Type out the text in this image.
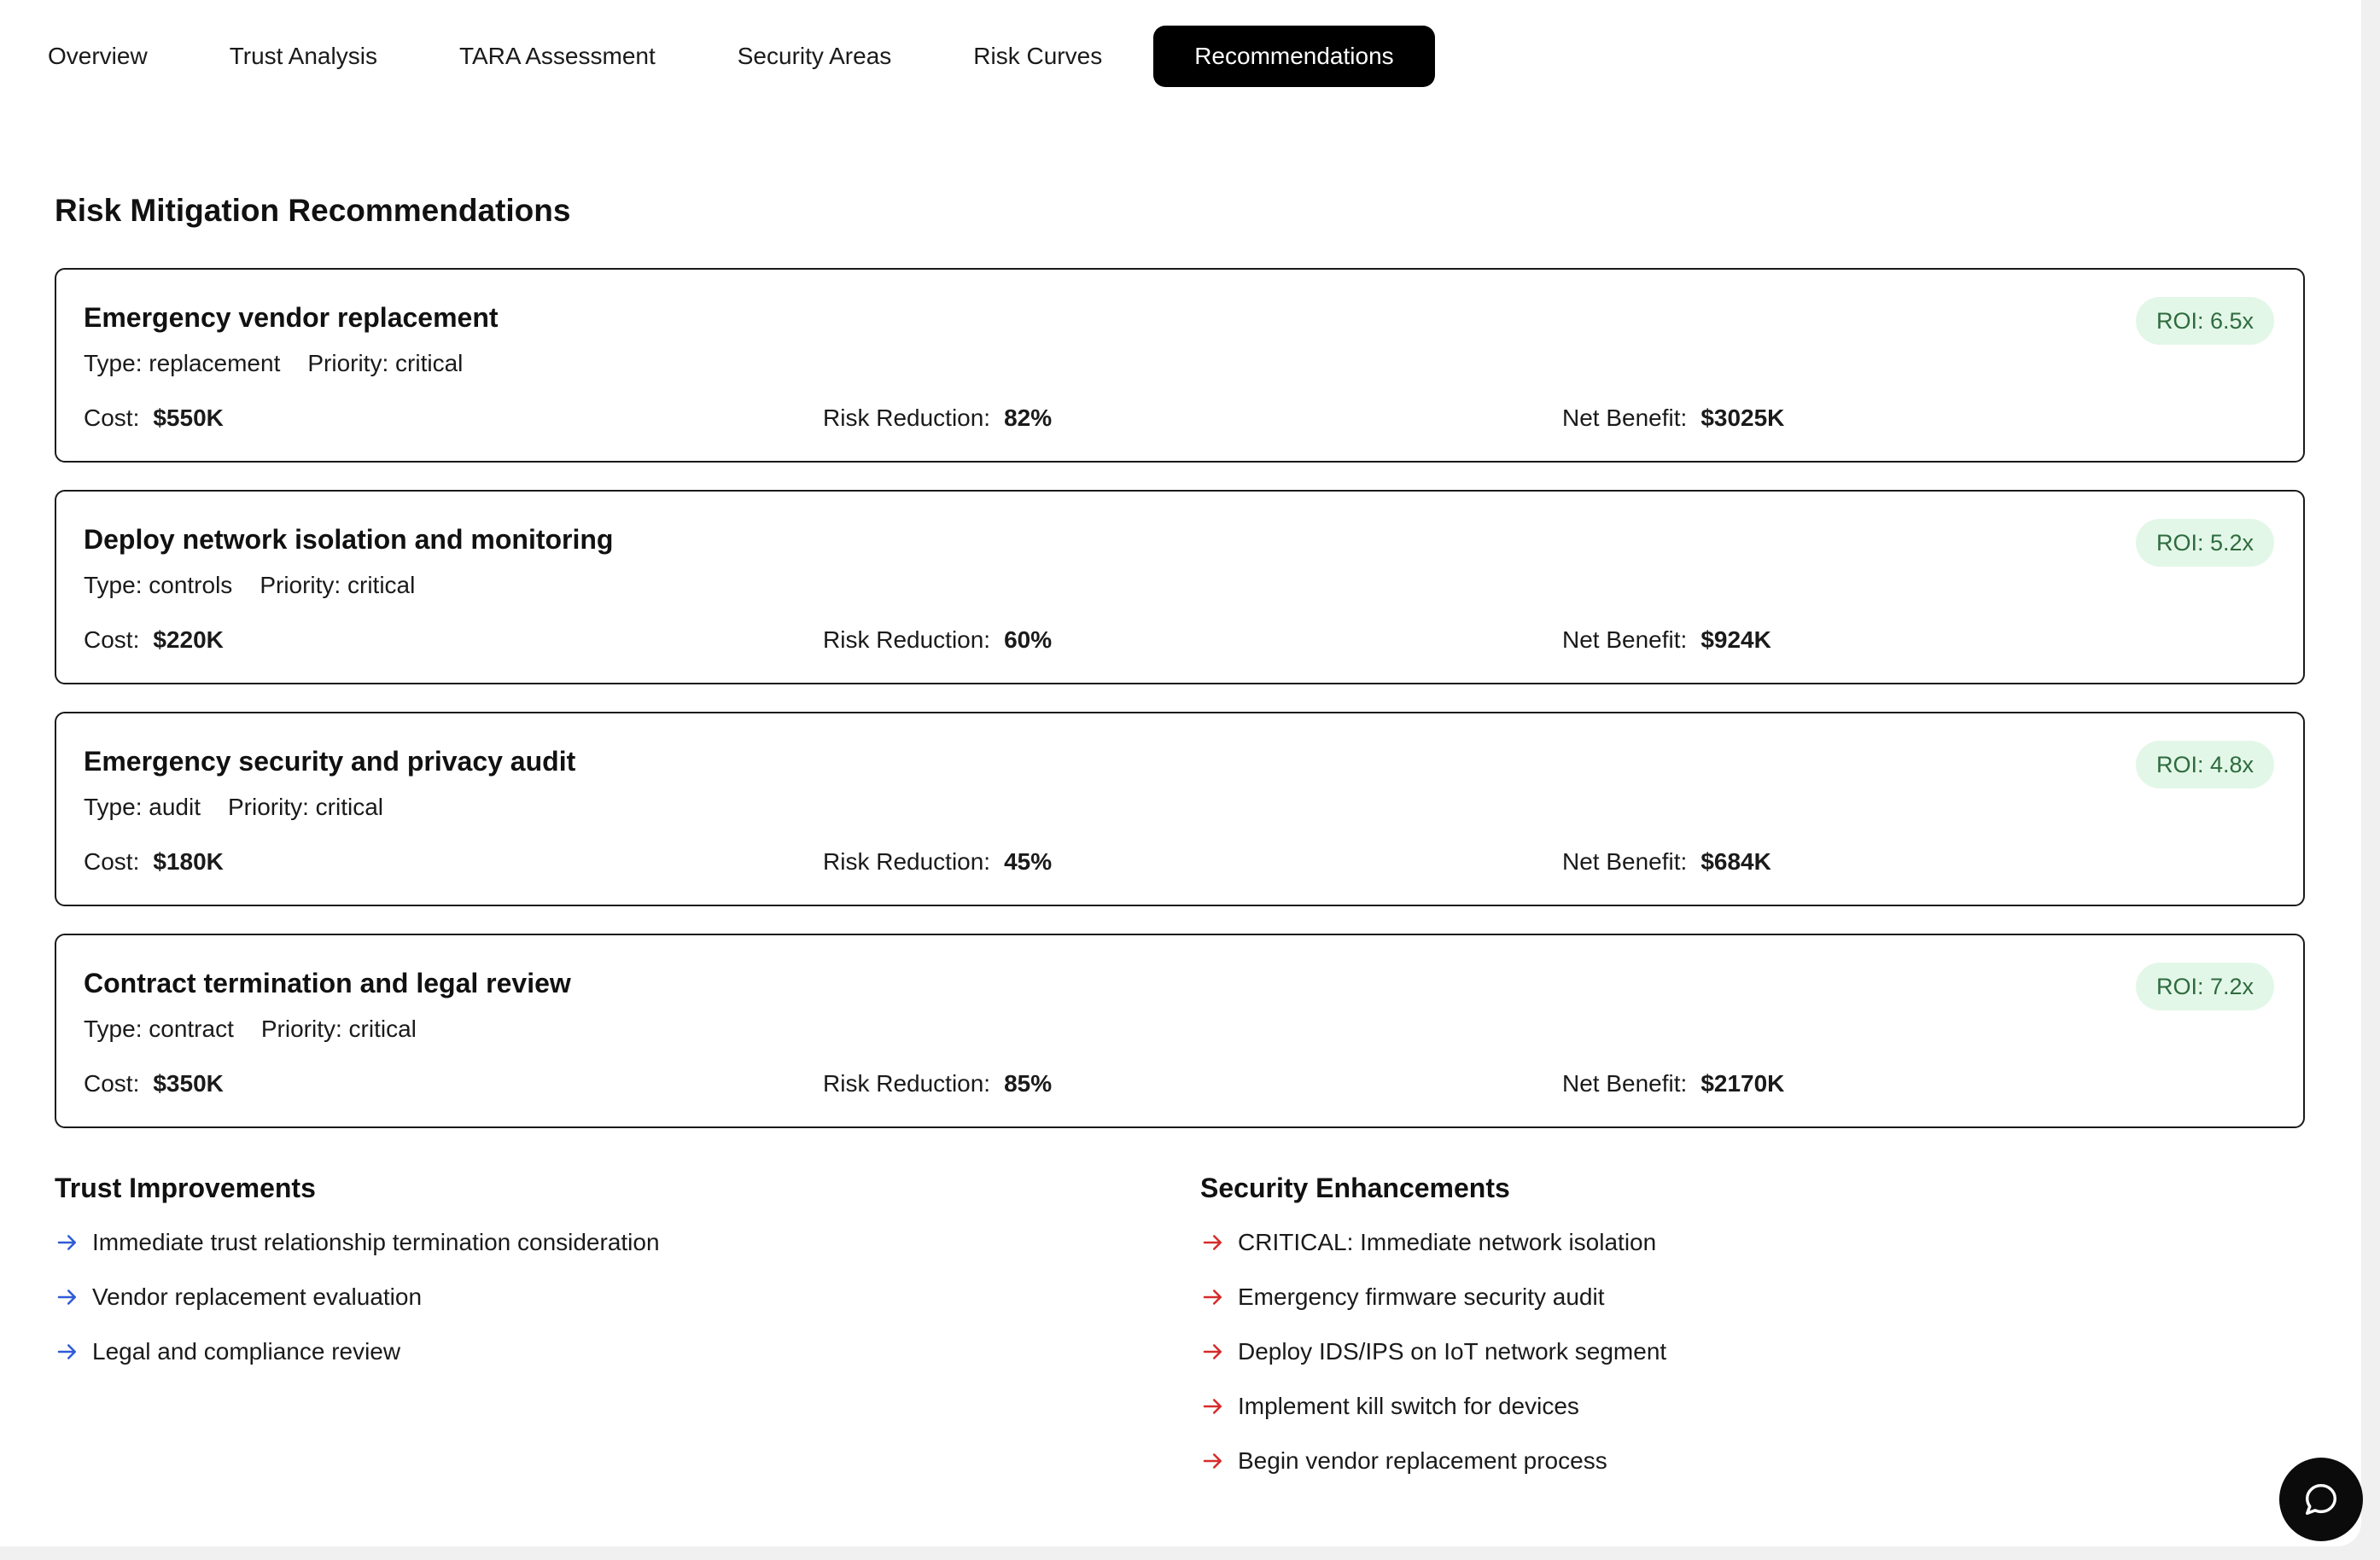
Overview	Trust Analysis	TARA Assessment	Security Areas	Risk Curves	Recommendations
Risk Mitigation Recommendations
Emergency vendor replacement
Type: replacement Priority: critical
ROI: 6.5x
Cost: $550K	Risk Reduction: 82%	Net Benefit: $3025K
Deploy network isolation and monitoring
Type: controls Priority: critical
ROI: 5.2x
Cost: $220K	Risk Reduction: 60%	Net Benefit: $924K
Emergency security and privacy audit
Type: audit Priority: critical
ROI: 4.8x
Cost: $180K	Risk Reduction: 45%	Net Benefit: $684K
Contract termination and legal review
Type: contract Priority: critical
ROI: 7.2x
Cost: $350K	Risk Reduction: 85%	Net Benefit: $2170K
Trust Improvements
Immediate trust relationship termination consideration
Vendor replacement evaluation
Legal and compliance review
Security Enhancements
CRITICAL: Immediate network isolation
Emergency firmware security audit
Deploy IDS/IPS on IoT network segment
Implement kill switch for devices
Begin vendor replacement process
